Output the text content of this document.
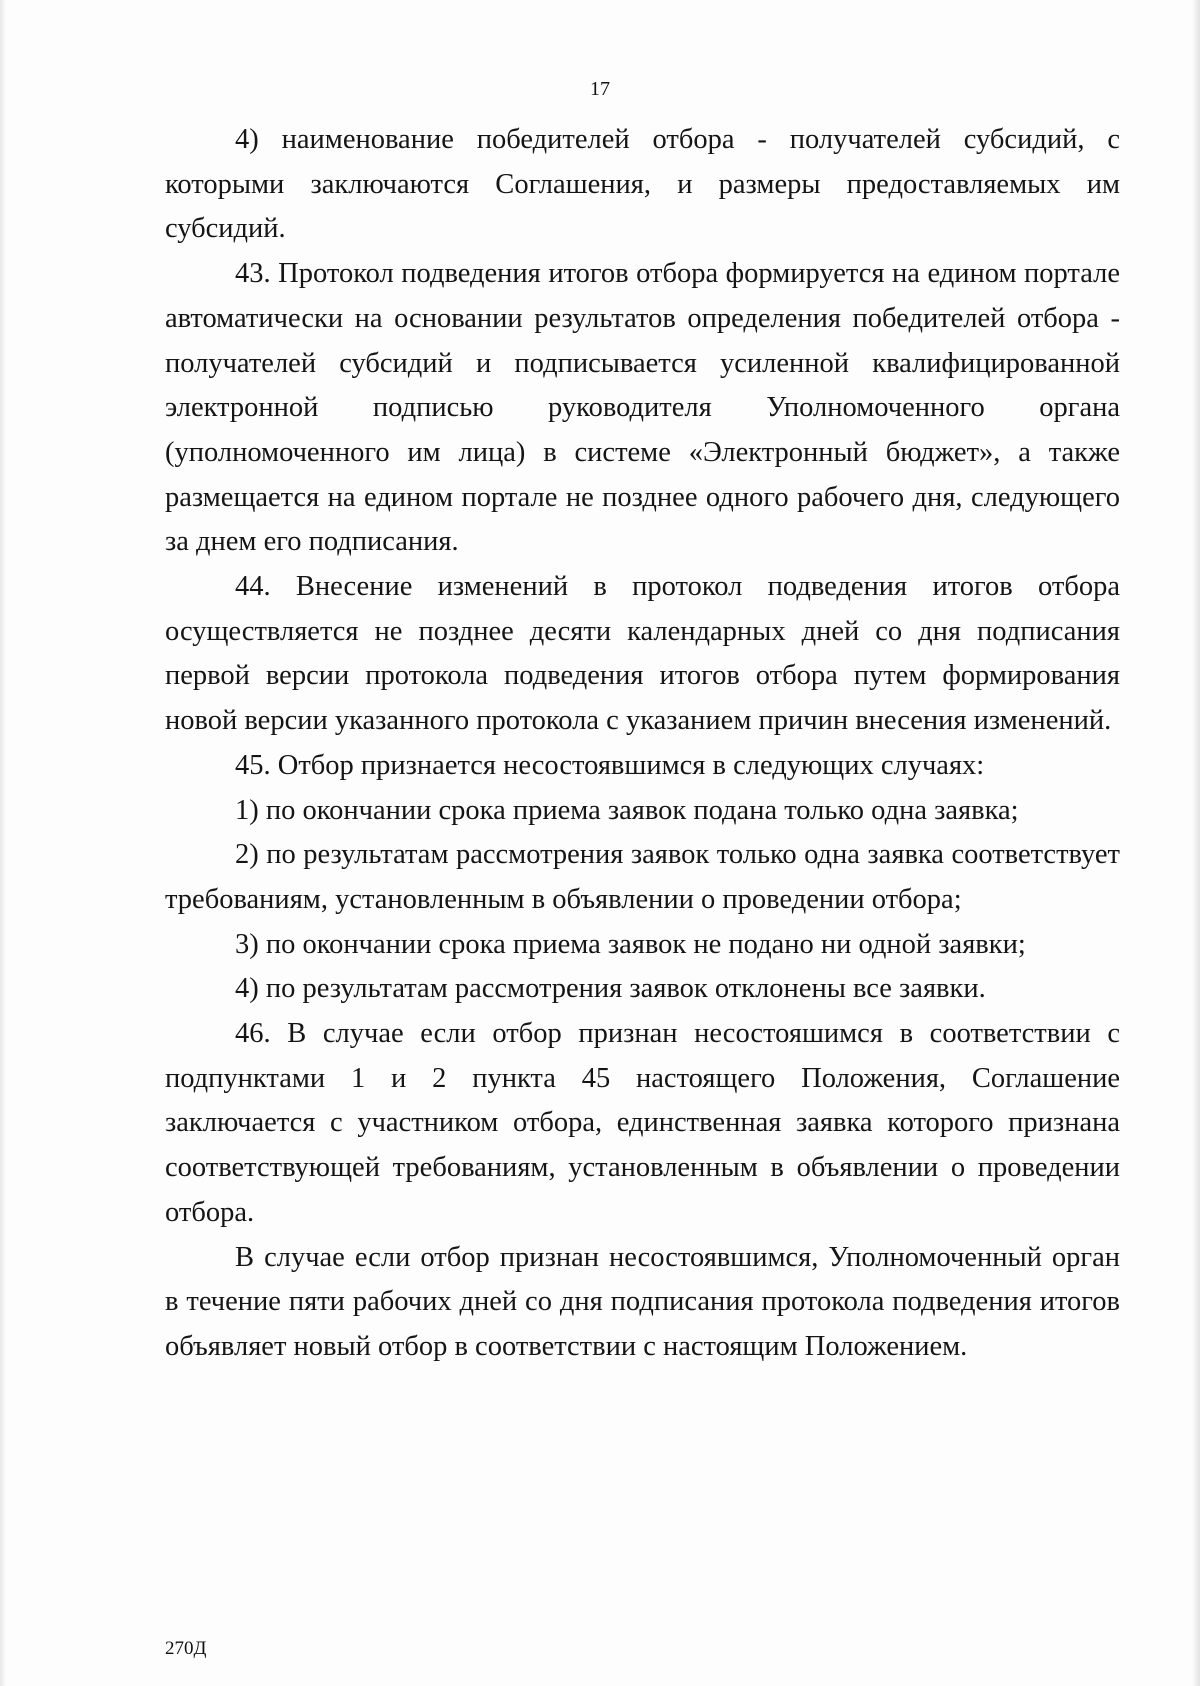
17

4) наименование победителей отбора - получателей субсидий, с которыми заключаются Соглашения, и размеры предоставляемых им субсидий.

43. Протокол подведения итогов отбора формируется на едином портале автоматически на основании результатов определения победителей отбора - получателей субсидий и подписывается усиленной квалифицированной электронной подписью руководителя Уполномоченного органа (уполномоченного им лица) в системе «Электронный бюджет», а также размещается на едином портале не позднее одного рабочего дня, следующего за днем его подписания.

44. Внесение изменений в протокол подведения итогов отбора осуществляется не позднее десяти календарных дней со дня подписания первой версии протокола подведения итогов отбора путем формирования новой версии указанного протокола с указанием причин внесения изменений.

45. Отбор признается несостоявшимся в следующих случаях:

1) по окончании срока приема заявок подана только одна заявка;

2) по результатам рассмотрения заявок только одна заявка соответствует требованиям, установленным в объявлении о проведении отбора;

3) по окончании срока приема заявок не подано ни одной заявки;

4) по результатам рассмотрения заявок отклонены все заявки.

46. В случае если отбор признан несостояшимся в соответствии с подпунктами 1 и 2 пункта 45 настоящего Положения, Соглашение заключается с участником отбора, единственная заявка которого признана соответствующей требованиям, установленным в объявлении о проведении отбора.

В случае если отбор признан несостоявшимся, Уполномоченный орган в течение пяти рабочих дней со дня подписания протокола подведения итогов объявляет новый отбор в соответствии с настоящим Положением.

270Д
